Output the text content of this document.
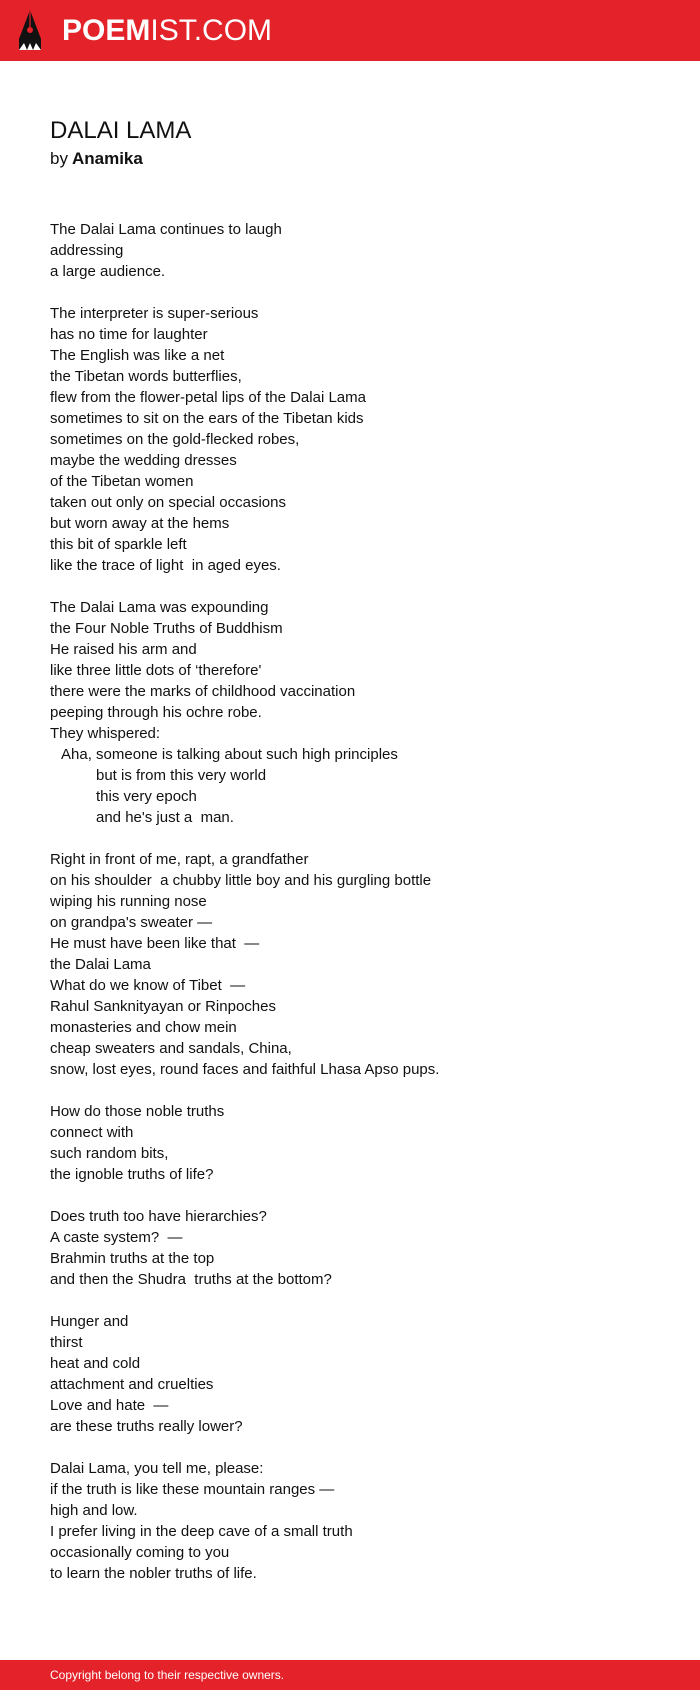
POEMIST.COM
DALAI LAMA
by Anamika
The Dalai Lama continues to laugh
addressing
a large audience.
The interpreter is super-serious
has no time for laughter
The English was like a net
the Tibetan words butterflies,
flew from the flower-petal lips of the Dalai Lama
sometimes to sit on the ears of the Tibetan kids
sometimes on the gold-flecked robes,
maybe the wedding dresses
of the Tibetan women
taken out only on special occasions
but worn away at the hems
this bit of sparkle left
like the trace of light  in aged eyes.
The Dalai Lama was expounding
the Four Noble Truths of Buddhism
He raised his arm and
like three little dots of ‘therefore'
there were the marks of childhood vaccination
peeping through his ochre robe.
They whispered:
Aha, someone is talking about such high principles
but is from this very world
this very epoch
and he's just a  man.
Right in front of me, rapt, a grandfather
on his shoulder  a chubby little boy and his gurgling bottle
wiping his running nose
on grandpa's sweater —
He must have been like that  —
the Dalai Lama
What do we know of Tibet  —
Rahul Sanknityayan or Rinpoches
monasteries and chow mein
cheap sweaters and sandals, China,
snow, lost eyes, round faces and faithful Lhasa Apso pups.
How do those noble truths
connect with
such random bits,
the ignoble truths of life?
Does truth too have hierarchies?
A caste system?  —
Brahmin truths at the top
and then the Shudra  truths at the bottom?
Hunger and
thirst
heat and cold
attachment and cruelties
Love and hate  —
are these truths really lower?
Dalai Lama, you tell me, please:
if the truth is like these mountain ranges —
high and low.
I prefer living in the deep cave of a small truth
occasionally coming to you
to learn the nobler truths of life.
Copyright belong to their respective owners.
